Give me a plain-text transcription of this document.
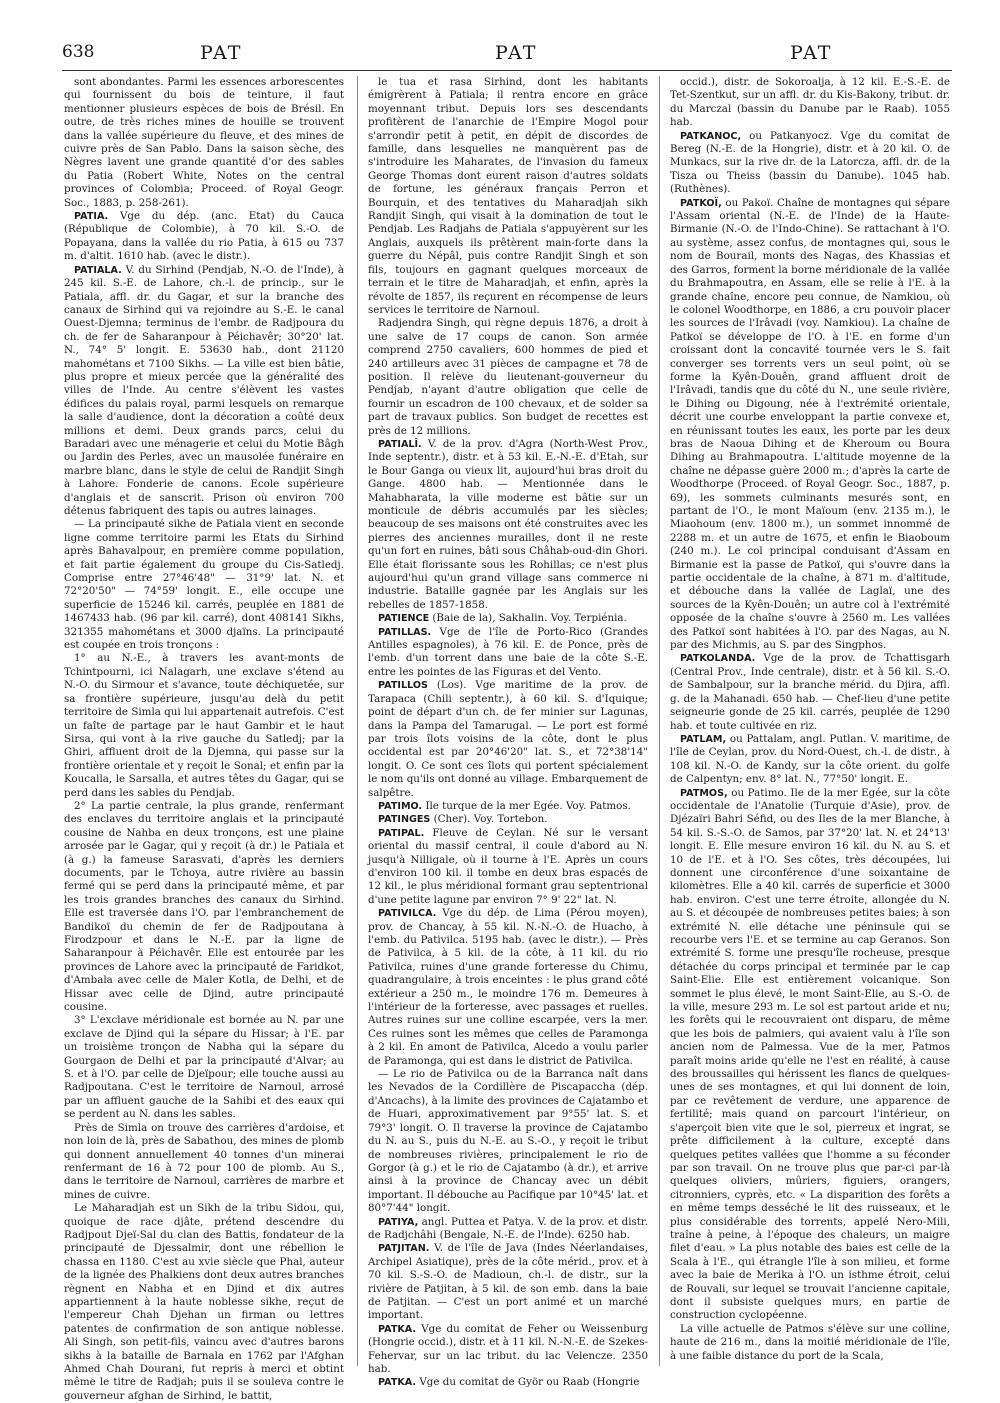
638	PAT	PAT	PAT

sont abondantes. Parmi les essences arborescentes qui fournissent du bois de teinture, il faut mentionner plusieurs espèces de bois de Brésil. En outre, de très riches mines de houille se trouvent dans la vallée supérieure du fleuve, et des mines de cuivre près de San Pablo. Dans la saison sèche, des Nègres lavent une grande quantité d'or des sables du Patia (Robert White, Notes on the central provinces of Colombia; Proceed. of Royal Geogr. Soc., 1883, p. 258-261).

PATIA. Vge du dép. (anc. Etat) du Cauca (République de Colombie), à 70 kil. S.-O. de Popayana, dans la vallée du rio Patia, à 615 ou 737 m. d'altit. 1610 hab. (avec le distr.).

PATIALA. V. du Sirhind (Pendjab, N.-O. de l'Inde), à 245 kil. S.-E. de Lahore, ch.-l. de princip., sur le Patiala, affl. dr. du Gagar, et sur la branche des canaux de Sirhind qui va rejoindre au S.-E. le canal Ouest-Djemna; terminus de l'embr. de Radjpoura du ch. de fer de Saharanpour à Péichavêr; 30°20' lat. N., 74° 5' longit. E. 53630 hab., dont 21120 mahométans et 7100 Sikhs. — La ville est bien bâtie, plus propre et mieux percée que la généralité des villes de l'Inde. Au centre s'élèvent les vastes édifices du palais royal, parmi lesquels on remarque la salle d'audience, dont la décoration a coûté deux millions et demi. Deux grands parcs, celui du Baradari avec une ménagerie et celui du Motie Bâgh ou Jardin des Perles, avec un mausolée funéraire en marbre blanc, dans le style de celui de Randjit Singh à Lahore. Fonderie de canons. Ecole supérieure d'anglais et de sanscrit. Prison où environ 700 détenus fabriquent des tapis ou autres lainages.

— La principauté sikhe de Patiala vient en seconde ligne comme territoire parmi les Etats du Sirhind après Bahavalpour, en première comme population, et fait partie également du groupe du Cis-Satledj. Comprise entre 27°46'48" — 31°9' lat. N. et 72°20'50" — 74°59' longit. E., elle occupe une superficie de 15246 kil. carrés, peuplée en 1881 de 1467433 hab. (96 par kil. carré), dont 408141 Sikhs, 321355 mahométans et 3000 djaïns. La principauté est coupée en trois tronçons :

1° au N.-E., à travers les avant-monts de Tchintpourni, ici Nalagarh, une exclave s'étend au N.-O. du Sirmour et s'avance, toute déchiquetée, sur sa frontière supérieure, jusqu'au delà du petit territoire de Simla qui lui appartenait autrefois. C'est un faîte de partage par le haut Gambir et le haut Sirsa, qui vont à la rive gauche du Satledj; par la Ghiri, affluent droit de la Djemna, qui passe sur la frontière orientale et y reçoit le Sonal; et enfin par la Koucalla, le Sarsalla, et autres têtes du Gagar, qui se perd dans les sables du Pendjab.

2° La partie centrale, la plus grande, renfermant des enclaves du territoire anglais et la principauté cousine de Nahba en deux tronçons, est une plaine arrosée par le Gagar, qui y reçoit (à dr.) le Patiala et (à g.) la fameuse Sarasvati, d'après les derniers documents, par le Tchoya, autre rivière au bassin fermé qui se perd dans la principauté même, et par les trois grandes branches des canaux du Sirhind. Elle est traversée dans l'O. par l'embranchement de Bandikoï du chemin de fer de Radjpoutana à Firodzpour et dans le N.-E. par la ligne de Saharanpour à Péichavêr. Elle est entourée par les provinces de Lahore avec la principauté de Faridkot, d'Ambala avec celle de Maler Kotla, de Delhi, et de Hissar avec celle de Djind, autre principauté cousine.

3° L'exclave méridionale est bornée au N. par une exclave de Djind qui la sépare du Hissar; à l'E. par un troisième tronçon de Nabha qui la sépare du Gourgaon de Delhi et par la principauté d'Alvar; au S. et à l'O. par celle de Djeïpour; elle touche aussi au Radjpoutana. C'est le territoire de Narnoul, arrosé par un affluent gauche de la Sahibi et des eaux qui se perdent au N. dans les sables.

Près de Simla on trouve des carrières d'ardoise, et non loin de là, près de Sabathou, des mines de plomb qui donnent annuellement 40 tonnes d'un minerai renfermant de 16 à 72 pour 100 de plomb. Au S., dans le territoire de Narnoul, carrières de marbre et mines de cuivre.

Le Maharadjah est un Sikh de la tribu Sidou, qui, quoique de race djâte, prétend descendre du Radjpout Djeï-Sal du clan des Battis, fondateur de la principauté de Djessalmir, dont une rébellion le chassa en 1180. C'est au xvie siècle que Phal, auteur de la lignée des Phalkiens dont deux autres branches règnent en Nabha et en Djind et dix autres appartiennent à la haute noblesse sikhe, reçut de l'empereur Chah Djehan un firman ou lettres patentes de confirmation de son antique noblesse. Ali Singh, son petit-fils, vaincu avec d'autres barons sikhs à la bataille de Barnala en 1762 par l'Afghan Ahmed Chah Dourani, fut repris à merci et obtint même le titre de Radjah; puis il se souleva contre le gouverneur afghan de Sirhind, le battit,

le tua et rasa Sirhind, dont les habitants émigrèrent à Patiala; il rentra encore en grâce moyennant tribut. Depuis lors ses descendants profitèrent de l'anarchie de l'Empire Mogol pour s'arrondir petit à petit, en dépit de discordes de famille, dans lesquelles ne manquèrent pas de s'introduire les Maharates, de l'invasion du fameux George Thomas dont eurent raison d'autres soldats de fortune, les généraux français Perron et Bourquin, et des tentatives du Maharadjah sikh Randjit Singh, qui visait à la domination de tout le Pendjab. Les Radjahs de Patiala s'appuyèrent sur les Anglais, auxquels ils prêtèrent main-forte dans la guerre du Népâl, puis contre Randjit Singh et son fils, toujours en gagnant quelques morceaux de terrain et le titre de Maharadjah, et enfin, après la révolte de 1857, ils reçurent en récompense de leurs services le territoire de Narnoul.

Radjendra Singh, qui règne depuis 1876, a droit à une salve de 17 coups de canon. Son armée comprend 2750 cavaliers, 600 hommes de pied et 240 artilleurs avec 31 pièces de campagne et 78 de position. Il relève du lieutenant-gouverneur du Pendjab, n'ayant d'autre obligation que celle de fournir un escadron de 100 chevaux, et de solder sa part de travaux publics. Son budget de recettes est près de 12 millions.

PATIALÎ. V. de la prov. d'Agra (North-West Prov., Inde septentr.), distr. et à 53 kil. E.-N.-E. d'Etah, sur le Bour Ganga ou vieux lit, aujourd'hui bras droit du Gange. 4800 hab. — Mentionnée dans le Mahabharata, la ville moderne est bâtie sur un monticule de débris accumulés par les siècles; beaucoup de ses maisons ont été construites avec les pierres des anciennes murailles, dont il ne reste qu'un fort en ruines, bâti sous Châhab-oud-din Ghori. Elle était florissante sous les Rohillas; ce n'est plus aujourd'hui qu'un grand village sans commerce ni industrie. Bataille gagnée par les Anglais sur les rebelles de 1857-1858.

PATIENCE (Baie de la), Sakhalin. Voy. Terpiénia.

PATILLAS. Vge de l'île de Porto-Rico (Grandes Antilles espagnoles), à 76 kil. E. de Ponce, près de l'emb. d'un torrent dans une baie de la côte S.-E. entre les pointes de las Figuras et del Vento.

PATILLOS (Los). Vge maritime de la prov. de Tarapaca (Chili septentr.), à 60 kil. S. d'Iquique; point de départ d'un ch. de fer minier sur Lagunas, dans la Pampa del Tamarugal. — Le port est formé par trois îlots voisins de la côte, dont le plus occidental est par 20°46'20" lat. S., et 72°38'14" longit. O. Ce sont ces îlots qui portent spécialement le nom qu'ils ont donné au village. Embarquement de salpêtre.

PATIMO. Ile turque de la mer Egée. Voy. Patmos.

PATINGES (Cher). Voy. Tortebon.

PATIPAL. Fleuve de Ceylan. Né sur le versant oriental du massif central, il coule d'abord au N. jusqu'à Nilligale, où il tourne à l'E. Après un cours d'environ 100 kil. il tombe en deux bras espacés de 12 kil., le plus méridional formant grau septentrional d'une petite lagune par environ 7° 9' 22" lat. N.

PATIVILCA. Vge du dép. de Lima (Pérou moyen), prov. de Chancay, à 55 kil. N.-N.-O. de Huacho, à l'emb. du Pativilca. 5195 hab. (avec le distr.). — Près de Pativilca, à 5 kil. de la côte, à 11 kil. du rio Pativilca, ruines d'une grande forteresse du Chimu, quadrangulaire, à trois enceintes : le plus grand côté extérieur a 250 m., le moindre 176 m. Demeures à l'intérieur de la forteresse, avec passages et ruelles. Autres ruines sur une colline escarpée, vers la mer. Ces ruines sont les mêmes que celles de Paramonga à 2 kil. En amont de Pativilca, Alcedo a voulu parler de Paramonga, qui est dans le district de Pativilca.

— Le rio de Pativilca ou de la Barranca naît dans les Nevados de la Cordillère de Piscapaccha (dép. d'Ancachs), à la limite des provinces de Cajatambo et de Huari, approximativement par 9°55' lat. S. et 79°3' longit. O. Il traverse la province de Cajatambo du N. au S., puis du N.-E. au S.-O., y reçoit le tribut de nombreuses rivières, principalement le rio de Gorgor (à g.) et le rio de Cajatambo (à dr.), et arrive ainsi à la province de Chancay avec un débit important. Il débouche au Pacifique par 10°45' lat. et 80°7'44" longit.

PATIYA, angl. Puttea et Patya. V. de la prov. et distr. de Radjchâhi (Bengale, N.-E. de l'Inde). 6250 hab.

PATJITAN. V. de l'île de Java (Indes Néerlandaises, Archipel Asiatique), près de la côte mérid., prov. et à 70 kil. S.-S.-O. de Madioun, ch.-l. de distr., sur la rivière de Patjitan, à 5 kil. de son emb. dans la baie de Patjitan. — C'est un port animé et un marché important.

PATKA. Vge du comitat de Feher ou Weissenburg (Hongrie occid.), distr. et à 11 kil. N.-N.-E. de Szekes-Fehervar, sur un lac tribut. du lac Velencze. 2350 hab.

PATKA. Vge du comitat de Györ ou Raab (Hongrie

occid.), distr. de Sokoroalja, à 12 kil. E.-S.-E. de Tet-Szentkut, sur un affl. dr. du Kis-Bakony, tribut. dr. du Marczal (bassin du Danube par le Raab). 1055 hab.

PATKANOC, ou Patkanyocz. Vge du comitat de Bereg (N.-E. de la Hongrie), distr. et à 20 kil. O. de Munkacs, sur la rive dr. de la Latorcza, affl. dr. de la Tisza ou Theiss (bassin du Danube). 1045 hab. (Ruthènes).

PATKOÏ, ou Pakoï. Chaîne de montagnes qui sépare l'Assam oriental (N.-E. de l'Inde) de la Haute-Birmanie (N.-O. de l'Indo-Chine). Se rattachant à l'O. au système, assez confus, de montagnes qui, sous le nom de Bourail, monts des Nagas, des Khassias et des Garros, forment la borne méridionale de la vallée du Brahmapoutra, en Assam, elle se relie à l'E. à la grande chaîne, encore peu connue, de Namkiou, où le colonel Woodthorpe, en 1886, a cru pouvoir placer les sources de l'Irâvadi (voy. Namkiou). La chaîne de Patkoï se développe de l'O. à l'E. en forme d'un croissant dont la concavité tournée vers le S. fait converger ses torrents vers un seul point, où se forme la Kyên-Douên, grand affluent droit de l'Irâvadi, tandis que du côté du N., une seule rivière, le Dihing ou Digoung, née à l'extrémité orientale, décrit une courbe enveloppant la partie convexe et, en réunissant toutes les eaux, les porte par les deux bras de Naoua Dihing et de Kheroum ou Boura Dihing au Brahmapoutra. L'altitude moyenne de la chaîne ne dépasse guère 2000 m.; d'après la carte de Woodthorpe (Proceed. of Royal Geogr. Soc., 1887, p. 69), les sommets culminants mesurés sont, en partant de l'O., le mont Maïoum (env. 2135 m.), le Miaohoum (env. 1800 m.), un sommet innommé de 2288 m. et un autre de 1675, et enfin le Biaoboum (240 m.). Le col principal conduisant d'Assam en Birmanie est la passe de Patkoï, qui s'ouvre dans la partie occidentale de la chaîne, à 871 m. d'altitude, et débouche dans la vallée de Laglaï, une des sources de la Kyên-Douên; un autre col à l'extrémité opposée de la chaîne s'ouvre à 2560 m. Les vallées des Patkoï sont habitées à l'O. par des Nagas, au N. par des Michmis, au S. par des Singphos.

PATKOLANDA. Vge de la prov. de Tchattisgarh (Central Prov., Inde centrale), distr. et à 56 kil. S.-O. de Sambalpour, sur la branche mérid. du Djira, affl. g. de la Mahanadi. 650 hab. — Chef-lieu d'une petite seigneurie gonde de 25 kil. carrés, peuplée de 1290 hab. et toute cultivée en riz.

PATLAM, ou Pattalam, angl. Putlan. V. maritime, de l'île de Ceylan, prov. du Nord-Ouest, ch.-l. de distr., à 108 kil. N.-O. de Kandy, sur la côte orient. du golfe de Calpentyn; env. 8° lat. N., 77°50' longit. E.

PATMOS, ou Patimo. Ile de la mer Egée, sur la côte occidentale de l'Anatolie (Turquie d'Asie), prov. de Djézaïri Bahri Séfid, ou des Iles de la mer Blanche, à 54 kil. S.-S.-O. de Samos, par 37°20' lat. N. et 24°13' longit. E. Elle mesure environ 16 kil. du N. au S. et 10 de l'E. et à l'O. Ses côtes, très découpées, lui donnent une circonférence d'une soixantaine de kilomètres. Elle a 40 kil. carrés de superficie et 3000 hab. environ. C'est une terre étroite, allongée du N. au S. et découpée de nombreuses petites baies; à son extrémité N. elle détache une péninsule qui se recourbe vers l'E. et se termine au cap Geranos. Son extrémité S. forme une presqu'île rocheuse, presque détachée du corps principal et terminée par le cap Saint-Elie. Elle est entièrement volcanique. Son sommet le plus élevé, le mont Saint-Elie, au S.-O. de la ville, mesure 293 m. Le sol est partout aride et nu; les forêts qui le recouvraient ont disparu, de même que les bois de palmiers, qui avaient valu à l'île son ancien nom de Palmessa. Vue de la mer, Patmos paraît moins aride qu'elle ne l'est en réalité, à cause des broussailles qui hérissent les flancs de quelques-unes de ses montagnes, et qui lui donnent de loin, par ce revêtement de verdure, une apparence de fertilité; mais quand on parcourt l'intérieur, on s'aperçoit bien vite que le sol, pierreux et ingrat, se prête difficilement à la culture, excepté dans quelques petites vallées que l'homme a su féconder par son travail. On ne trouve plus que par-ci par-là quelques oliviers, mûriers, figuiers, orangers, citronniers, cyprès, etc. « La disparition des forêts a en même temps desséché le lit des ruisseaux, et le plus considérable des torrents, appelé Nero-Mili, traîne à peine, à l'époque des chaleurs, un maigre filet d'eau. » La plus notable des baies est celle de la Scala à l'E., qui étrangle l'île à son milieu, et forme avec la baie de Merika à l'O. un isthme étroit, celui de Rouvali, sur lequel se trouvait l'ancienne capitale, dont il subsiste quelques murs, en partie de construction cyclopéenne.

La ville actuelle de Patmos s'élève sur une colline, haute de 216 m., dans la moitié méridionale de l'île, à une faible distance du port de la Scala,
